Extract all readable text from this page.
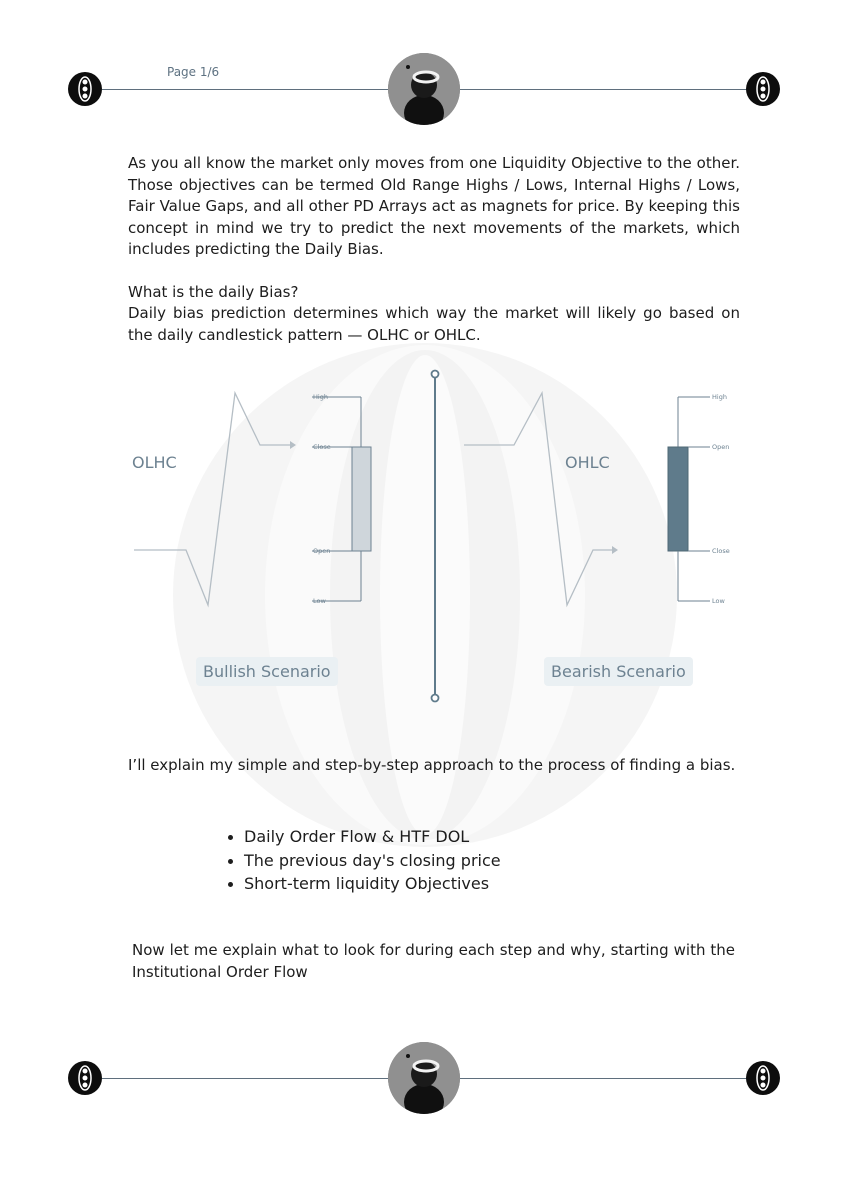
Page 1/6

As you all know the market only moves from one Liquidity Objective to the other. Those objectives can be termed Old Range Highs / Lows, Internal Highs / Lows, Fair Value Gaps, and all other PD Arrays act as magnets for price. By keeping this concept in mind we try to predict the next movements of the markets, which includes predicting the Daily Bias.

What is the daily Bias?

Daily bias prediction determines which way the market will likely go based on the daily candlestick pattern — OLHC or OHLC.

High
Close
Open
Low
High
Open
Close
Low
OLHC	OHLC
Bullish Scenario	Bearish Scenario

I’ll explain my simple and step-by-step approach to the process of finding a bias.

Daily Order Flow & HTF DOL
The previous day's closing price
Short-term liquidity Objectives

Now let me explain what to look for during each step and why, starting with the Institutional Order Flow
